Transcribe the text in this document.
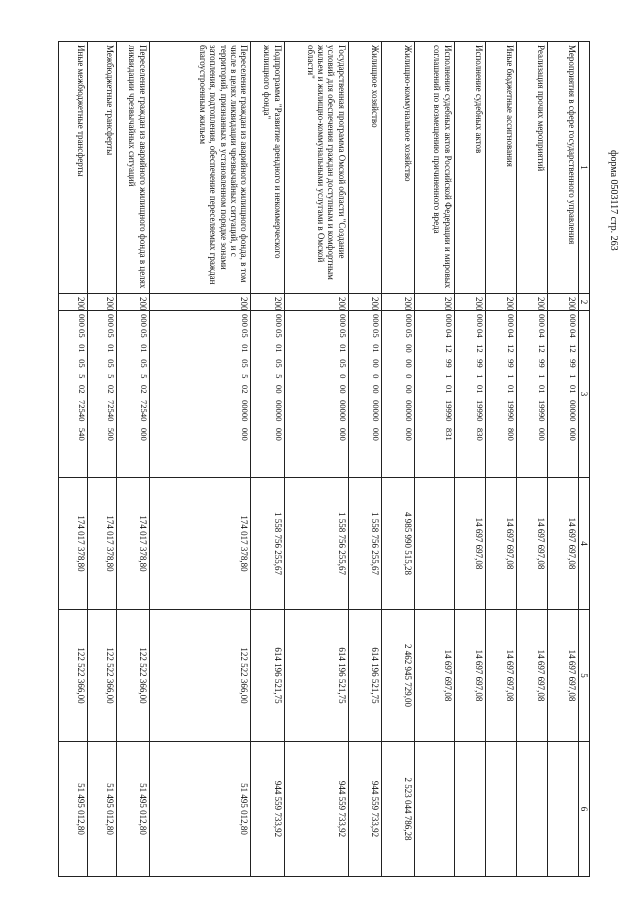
форма 0503117 стр. 263
1	2	3	4	5	6
Мероприятия в сфере государственного управления	200	000 04   12   99   1   01   00000   000	14 697 697,08	14 697 697,08	
Реализация прочих мероприятий	200	000 04   12   99   1   01   19990   000	14 697 697,08	14 697 697,08	
Иные бюджетные ассигнования	200	000 04   12   99   1   01   19990   800	14 697 697,08	14 697 697,08	
Исполнение судебных актов	200	000 04   12   99   1   01   19990   830	14 697 697,08	14 697 697,08	
Исполнение судебных актов Российской Федерации и мировых соглашений по возмещению причиненного вреда	200	000 04   12   99   1   01   19990   831		14 697 697,08	
Жилищно-коммунальное хозяйство	200	000 05   00   00   0   00   00000   000	4 985 990 515,28	2 462 945 729,00	2 523 044 786,28
Жилищное хозяйство	200	000 05   01   00   0   00   00000   000	1 558 756 255,67	614 196 521,75	944 559 733,92
Государственная программа Омской области "Создание условий для обеспечения граждан доступным и комфортным жильем и жилищно-коммунальными услугами в Омской области"	200	000 05   01   05   0   00   00000   000	1 558 756 255,67	614 196 521,75	944 559 733,92
Подпрограмма "Развитие арендного и некоммерческого жилищного фонда"	200	000 05   01   05   5   00   00000   000	1 558 756 255,67	614 196 521,75	944 559 733,92
Переселение граждан из аварийного жилищного фонда, в том числе в целях ликвидации чрезвычайных ситуаций, и с территорий, признанных в установленном порядке зонами затопления, подтопления, обеспечение переселяемых граждан благоустроенным жильем	200	000 05   01   05   5   02   00000   000	174 017 378,80	122 522 366,00	51 495 012,80
Переселение граждан из аварийного жилищного фонда в целях ликвидации чрезвычайных ситуаций	200	000 05   01   05   5   02   72540   000	174 017 378,80	122 522 366,00	51 495 012,80
Межбюджетные трансферты	200	000 05   01   05   5   02   72540   500	174 017 378,80	122 522 366,00	51 495 012,80
Иные межбюджетные трансферты	200	000 05   01   05   5   02   72540   540	174 017 378,80	122 522 366,00	51 495 012,80
